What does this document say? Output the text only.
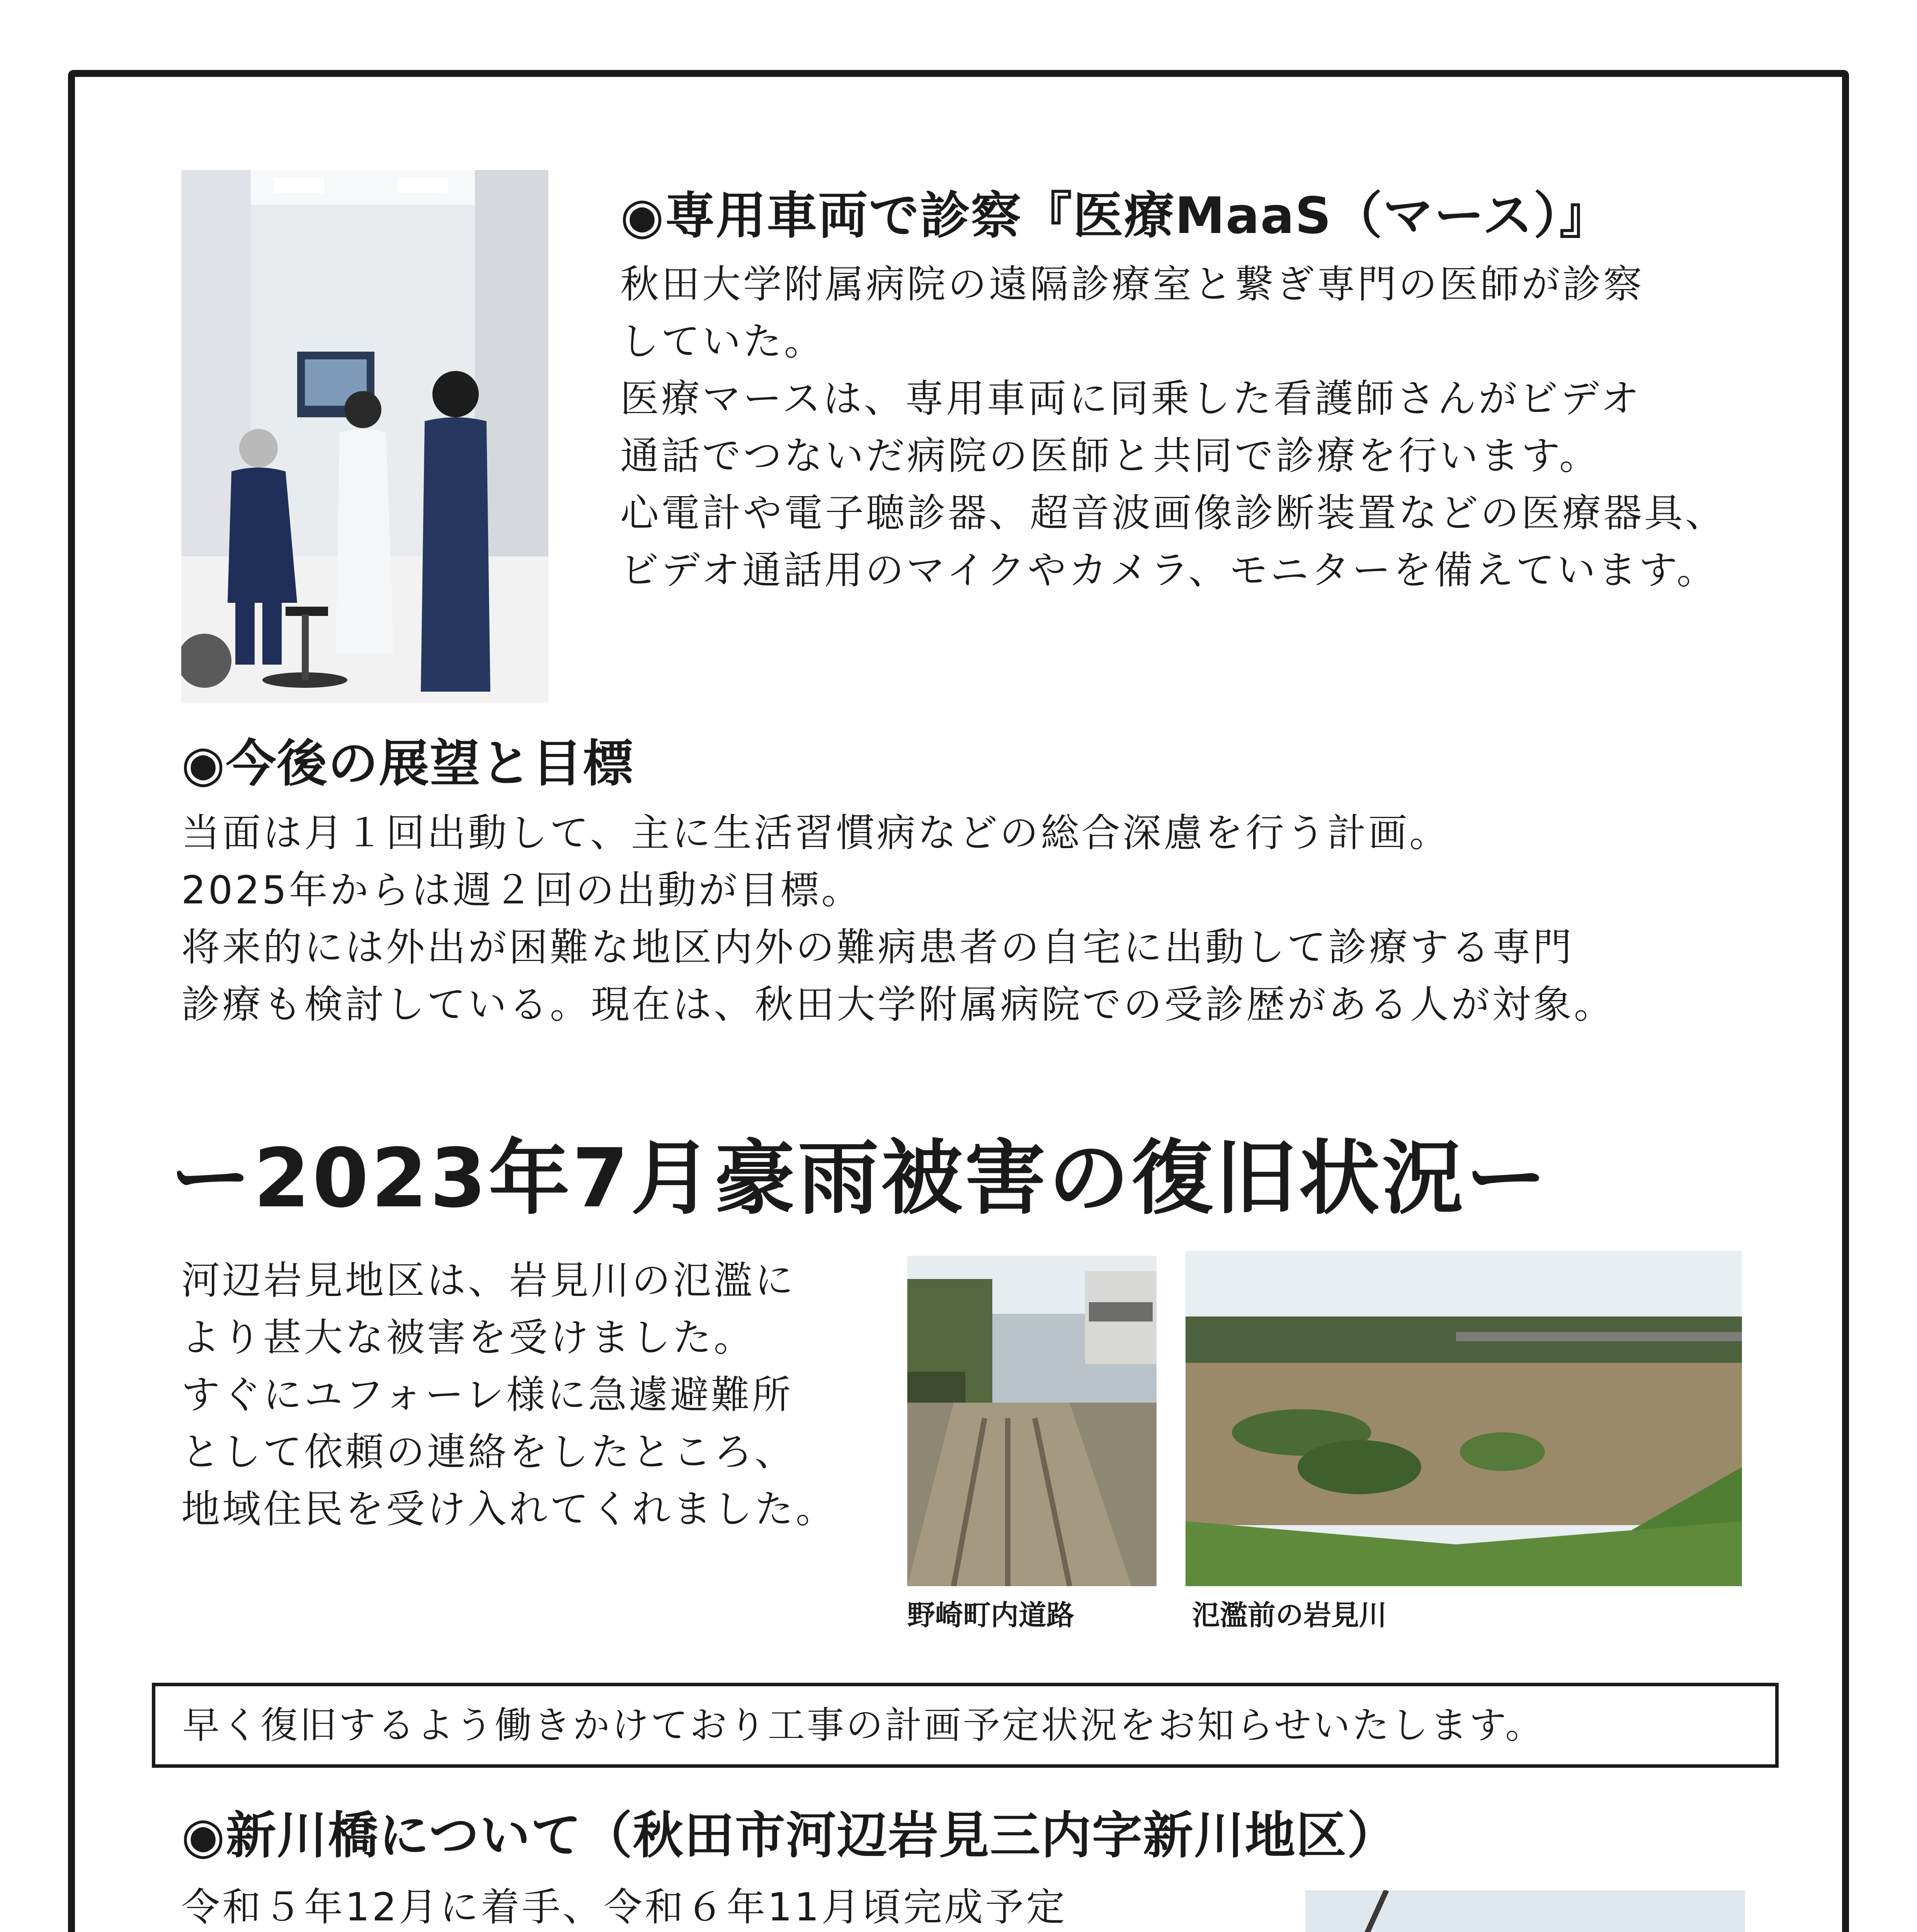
◉専用車両で診察『医療MaaS（マース）』
秋田大学附属病院の遠隔診療室と繋ぎ専門の医師が診察
していた。
医療マースは、専用車両に同乗した看護師さんがビデオ
通話でつないだ病院の医師と共同で診療を行います。
心電計や電子聴診器、超音波画像診断装置などの医療器具、
ビデオ通話用のマイクやカメラ、モニターを備えています。
◉今後の展望と目標
当面は月１回出動して、主に生活習慣病などの総合深慮を行う計画。
2025年からは週２回の出動が目標。
将来的には外出が困難な地区内外の難病患者の自宅に出動して診療する専門
診療も検討している。現在は、秋田大学附属病院での受診歴がある人が対象。
ー2023年7月豪雨被害の復旧状況ー
河辺岩見地区は、岩見川の氾濫に
より甚大な被害を受けました。
すぐにユフォーレ様に急遽避難所
として依頼の連絡をしたところ、
地域住民を受け入れてくれました。
野崎町内道路	氾濫前の岩見川
早く復旧するよう働きかけており工事の計画予定状況をお知らせいたします。
◉新川橋について（秋田市河辺岩見三内字新川地区）
令和５年12月に着手、令和６年11月頃完成予定
